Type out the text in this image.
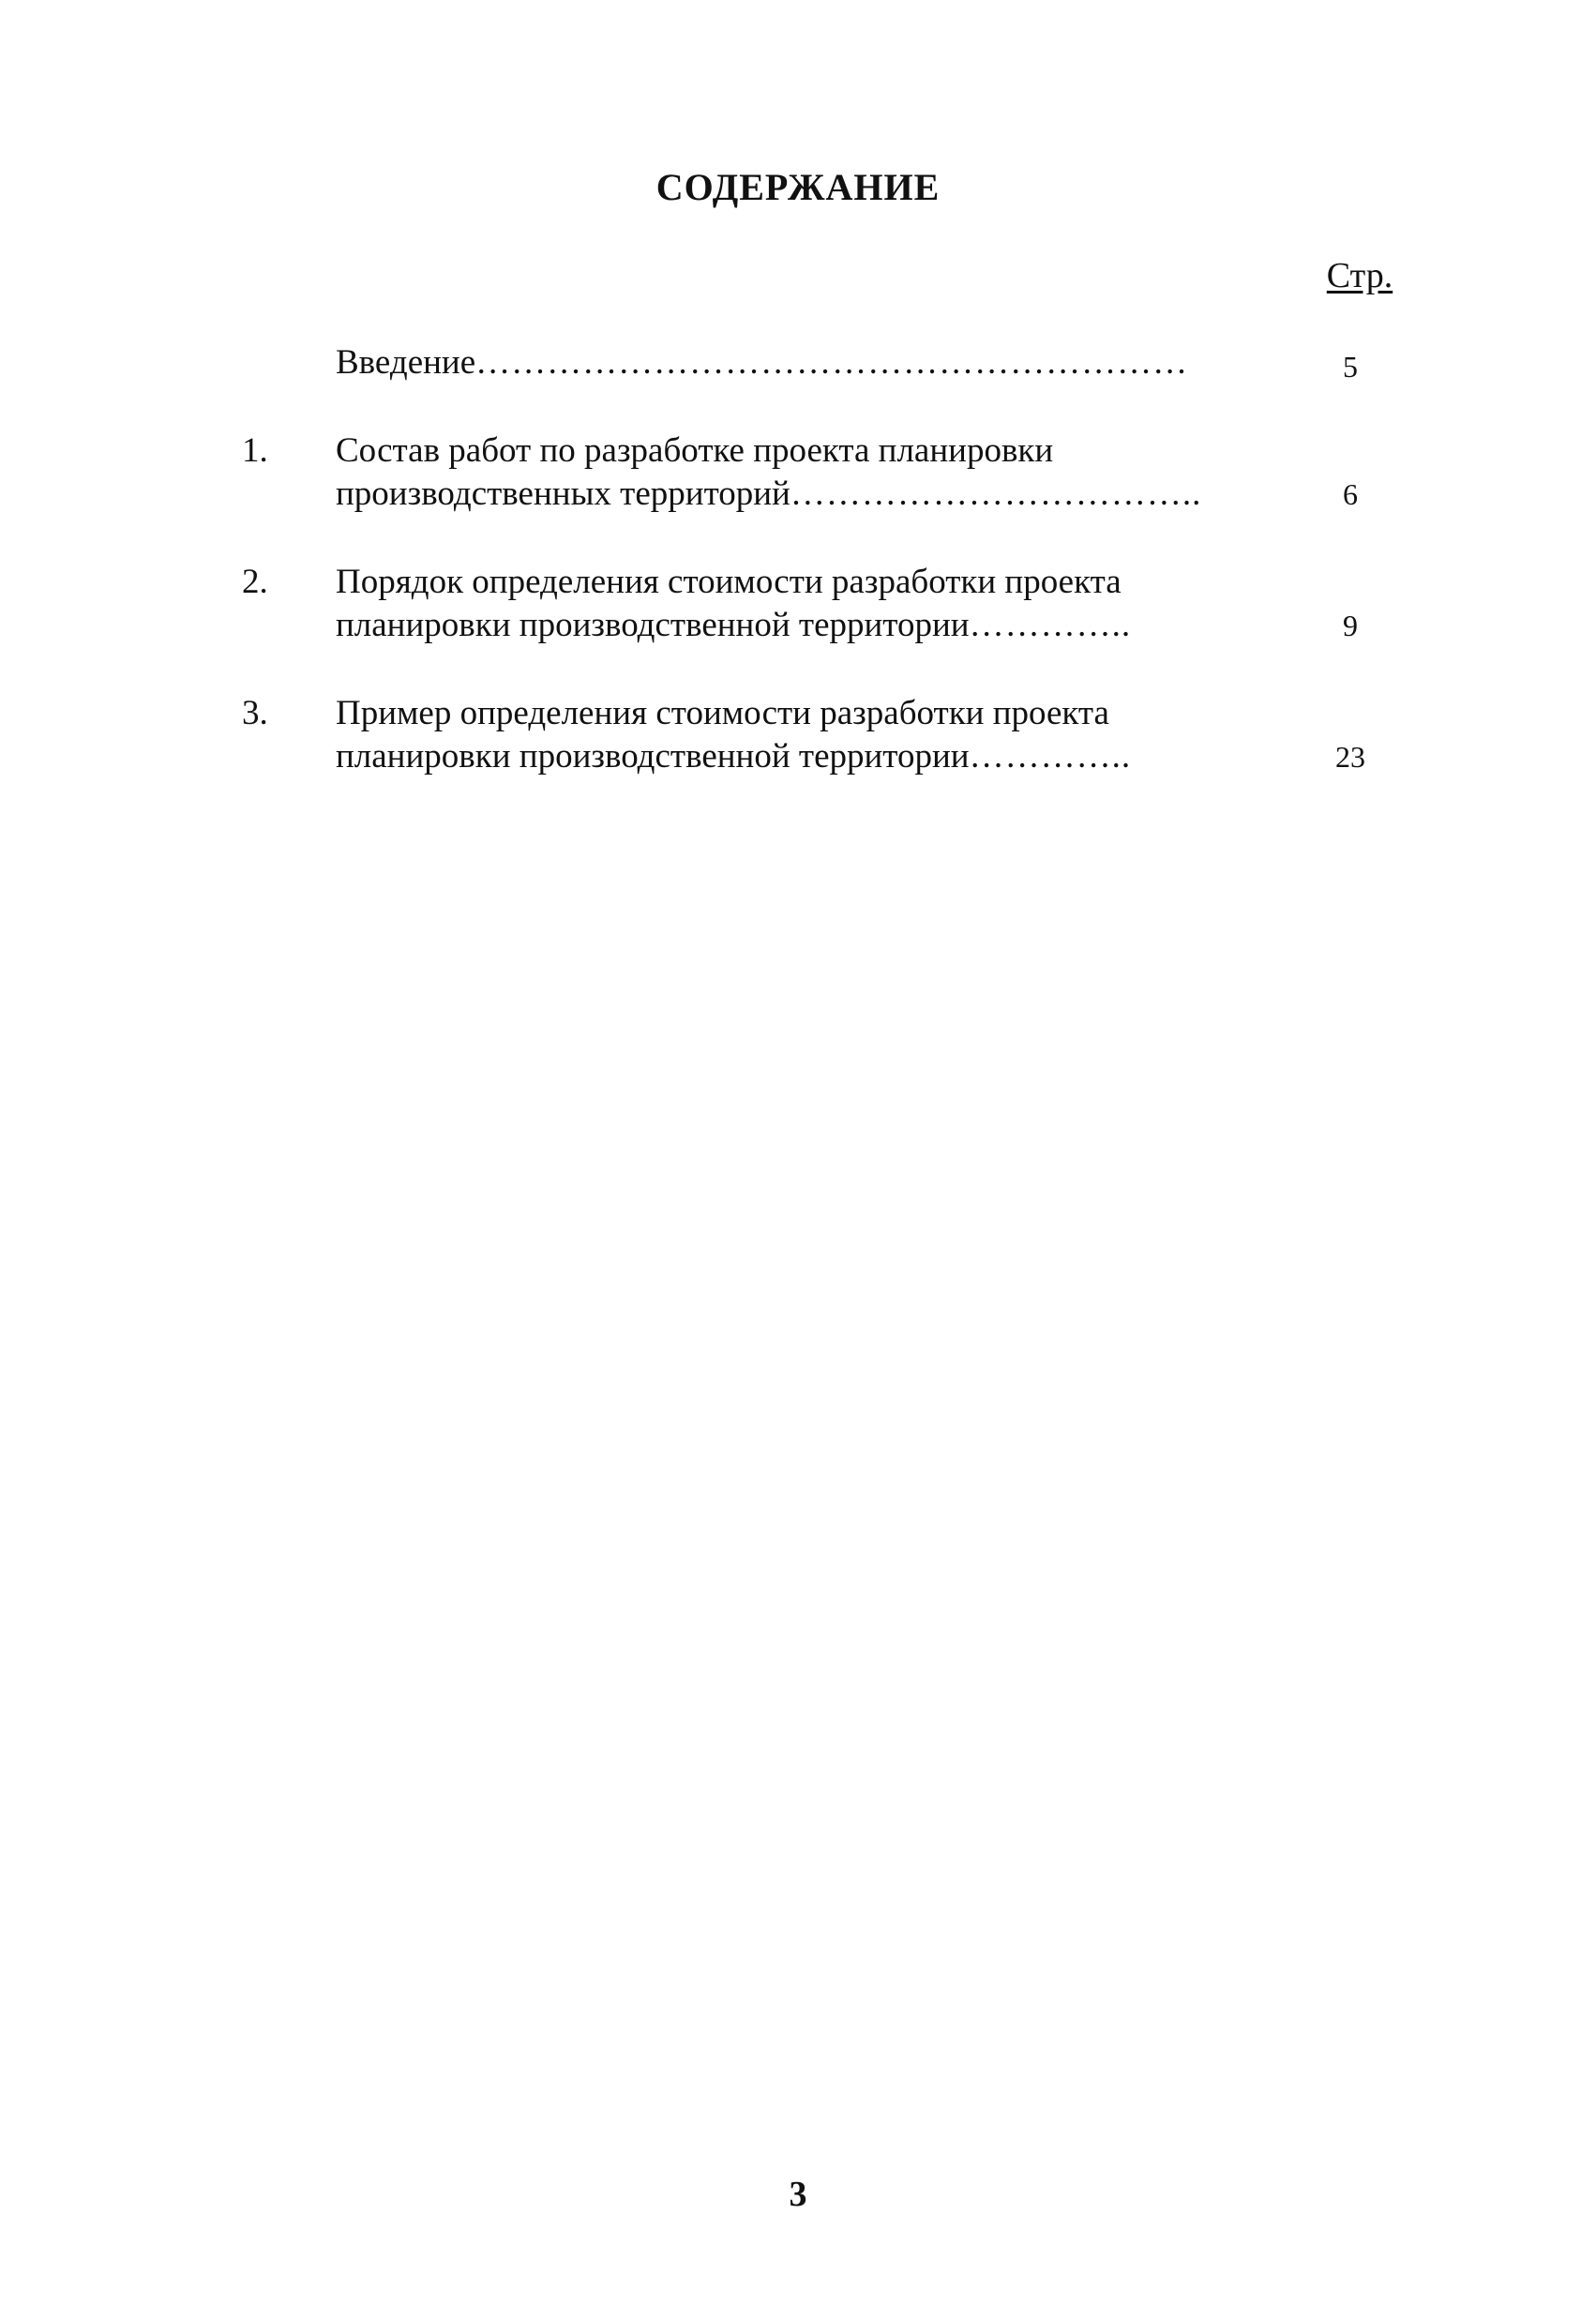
СОДЕРЖАНИЕ
Стр.
Введение……………………………………………………	5
1.	Состав работ по разработке проекта планировки
производственных территорий……………………………..	6
2.	Порядок определения стоимости разработки проекта
планировки производственной территории…………..	9
3.	Пример определения стоимости разработки проекта
планировки производственной территории…………..	23
3
